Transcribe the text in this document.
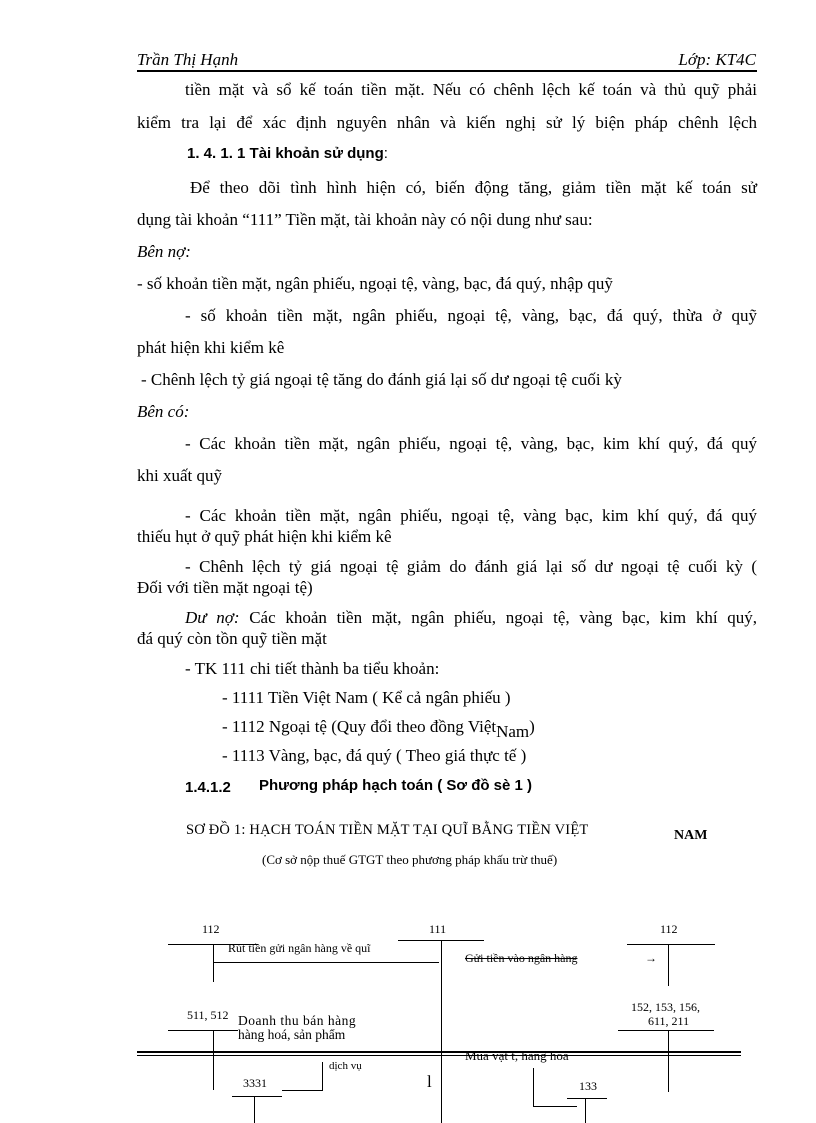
Trần Thị Hạnh	Lớp: KT4C
tiền mặt và sổ kế toán tiền mặt. Nếu có chênh lệch kế toán và thủ quỹ phải
kiểm tra lại để xác định nguyên nhân và kiến nghị sử lý biện pháp chênh lệch
1. 4. 1. 1 Tài khoản sử dụng:
Để theo dõi tình hình hiện có, biến động tăng, giảm tiền mặt kế toán sử
dụng tài khoản “111” Tiền mặt, tài khoản này có nội dung như sau:
Bên nợ:
- số khoản tiền mặt, ngân phiếu, ngoại tệ, vàng, bạc, đá quý, nhập quỹ
- số khoản tiền mặt, ngân phiếu, ngoại tệ, vàng, bạc, đá quý, thừa ở quỹ
phát hiện khi kiểm kê
- Chênh lệch tỷ giá ngoại tệ tăng do đánh giá lại số dư ngoại tệ cuối kỳ
Bên có:
- Các khoản tiền mặt, ngân phiếu, ngoại tệ, vàng, bạc, kim khí quý, đá quý
khi xuất quỹ
- Các khoản tiền mặt, ngân phiếu, ngoại tệ, vàng bạc, kim khí quý, đá quý
thiếu hụt ở quỹ phát hiện khi kiểm kê
- Chênh lệch tỷ giá ngoại tệ giảm do đánh giá lại số dư ngoại tệ cuối kỳ (
Đối với tiền mặt ngoại tệ)
Dư nợ: Các khoản tiền mặt, ngân phiếu, ngoại tệ, vàng bạc, kim khí quý,
đá quý còn tồn quỹ tiền mặt
- TK 111 chi tiết thành ba tiểu khoản:
- 1111 Tiền Việt Nam ( Kể cả ngân phiếu )
- 1112 Ngoại tệ (Quy đổi theo đồng ViệtNam)
- 1113 Vàng, bạc, đá quý ( Theo giá thực tế )
1.4.1.2 Phương pháp hạch toán ( Sơ đồ sè 1 )
SƠ ĐỒ 1: HẠCH TOÁN TIỀN MẶT TẠI QUĨ BẰNG TIỀN VIỆT	NAM
(Cơ sở nộp thuế GTGT theo phương pháp khấu trừ thuế)
112	111	112
Rút tiền gửi ngân hàng về quĩ
Gửi tiền vào ngân hàng	→
511, 512 Doanh thu bán hàng
hàng hoá, sản phẩm
152, 153, 156,
611, 211
dịch vụ
Mua vật t, hàng hoá
3331	l	133
